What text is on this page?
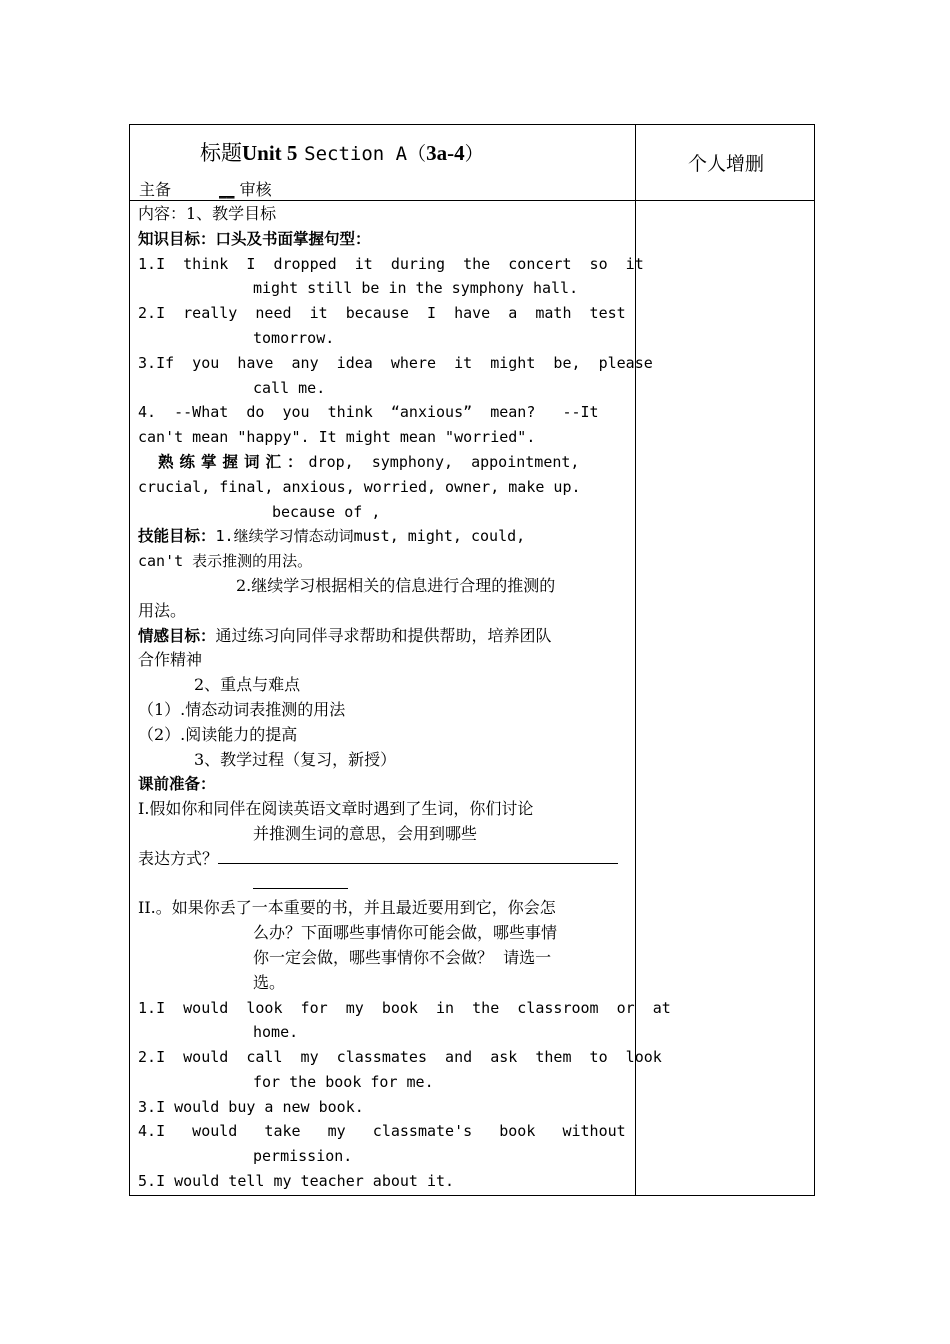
标题Unit 5 Section A（3a-4）
主备	__ 审核
个人增删
内容：1、教学目标
知识目标：口头及书面掌握句型：
1.I  think  I  dropped  it  during  the  concert  so  it
might still be in the symphony hall.
2.I  really  need  it  because  I  have  a  math  test
tomorrow.
3.If  you  have  any  idea  where  it  might  be,  please
call me.
4.  --What  do  you  think  “anxious”  mean?   --It
can't mean "happy". It might mean "worried".
熟练掌握词汇：drop,  symphony,  appointment,
crucial, final, anxious, worried, owner, make up.
because of ,
技能目标：1.继续学习情态动词must, might, could,
can't 表示推测的用法。
2.继续学习根据相关的信息进行合理的推测的
用法。
情感目标：通过练习向同伴寻求帮助和提供帮助，培养团队
合作精神
2、重点与难点
（1）.情态动词表推测的用法
（2）.阅读能力的提高
3、教学过程（复习，新授）
课前准备：
I.假如你和同伴在阅读英语文章时遇到了生词，你们讨论
并推测生词的意思，会用到哪些
表达方式？
II.。如果你丢了一本重要的书，并且最近要用到它，你会怎
么办？下面哪些事情你可能会做，哪些事情
你一定会做，哪些事情你不会做？  请选一
选。
1.I  would  look  for  my  book  in  the  classroom  or  at
home.
2.I  would  call  my  classmates  and  ask  them  to  look
for the book for me.
3.I would buy a new book.
4.I   would   take   my   classmate's   book   without
permission.
5.I would tell my teacher about it.
